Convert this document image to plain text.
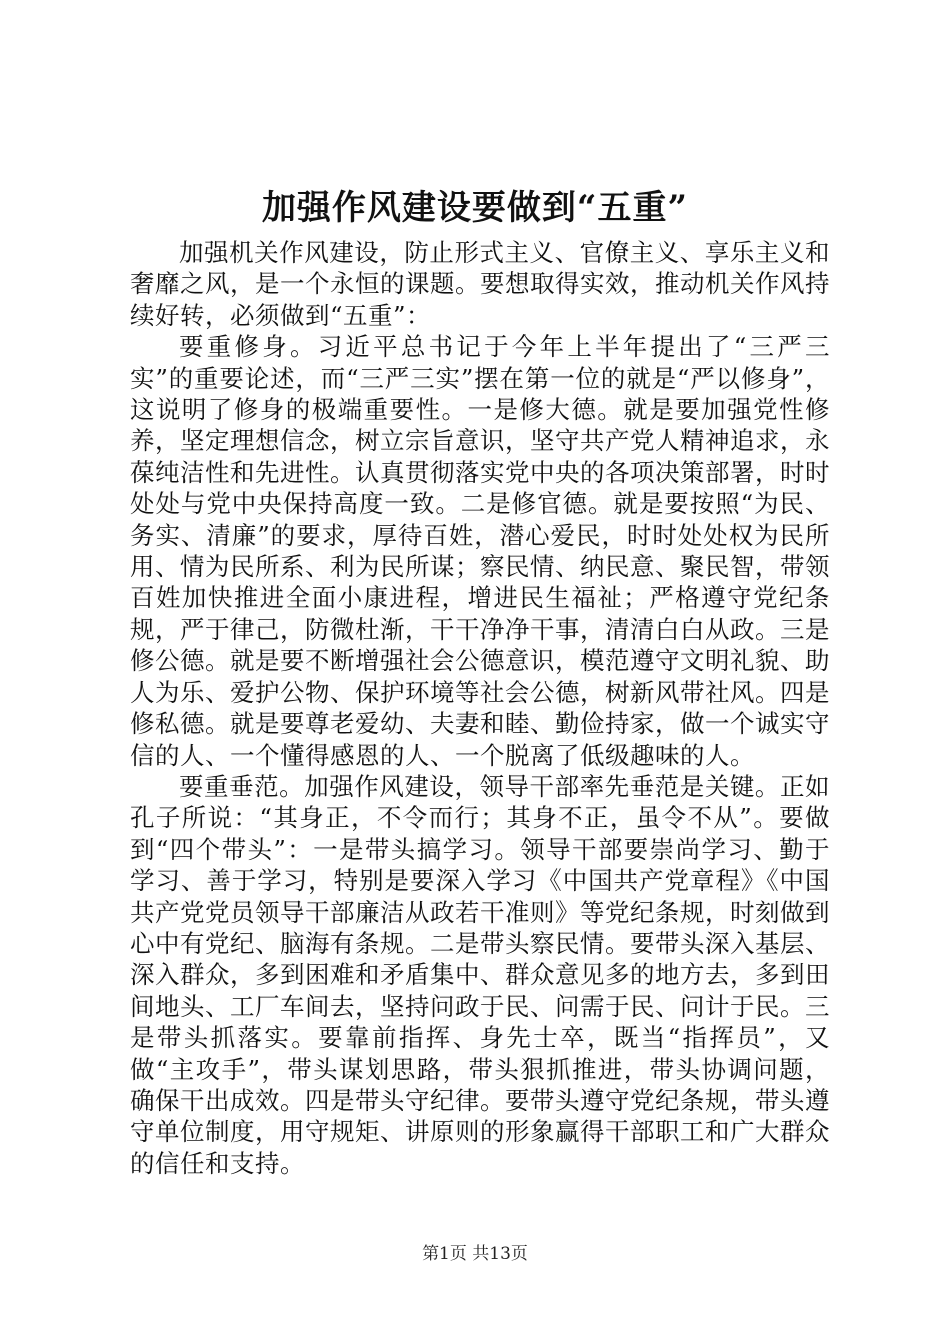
加强作风建设要做到“五重”

加强机关作风建设，防止形式主义、官僚主义、享乐主义和奢靡之风，是一个永恒的课题。要想取得实效，推动机关作风持续好转，必须做到“五重”：

要重修身。习近平总书记于今年上半年提出了“三严三实”的重要论述，而“三严三实”摆在第一位的就是“严以修身”，这说明了修身的极端重要性。一是修大德。就是要加强党性修养，坚定理想信念，树立宗旨意识，坚守共产党人精神追求，永葆纯洁性和先进性。认真贯彻落实党中央的各项决策部署，时时处处与党中央保持高度一致。二是修官德。就是要按照“为民、务实、清廉”的要求，厚待百姓，潜心爱民，时时处处权为民所用、情为民所系、利为民所谋；察民情、纳民意、聚民智，带领百姓加快推进全面小康进程，增进民生福祉；严格遵守党纪条规，严于律己，防微杜渐，干干净净干事，清清白白从政。三是修公德。就是要不断增强社会公德意识，模范遵守文明礼貌、助人为乐、爱护公物、保护环境等社会公德，树新风带社风。四是修私德。就是要尊老爱幼、夫妻和睦、勤俭持家，做一个诚实守信的人、一个懂得感恩的人、一个脱离了低级趣味的人。

要重垂范。加强作风建设，领导干部率先垂范是关键。正如孔子所说：“其身正，不令而行；其身不正，虽令不从”。要做到“四个带头”：一是带头搞学习。领导干部要崇尚学习、勤于学习、善于学习，特别是要深入学习《中国共产党章程》《中国共产党党员领导干部廉洁从政若干准则》等党纪条规，时刻做到心中有党纪、脑海有条规。二是带头察民情。要带头深入基层、深入群众，多到困难和矛盾集中、群众意见多的地方去，多到田间地头、工厂车间去，坚持问政于民、问需于民、问计于民。三是带头抓落实。要靠前指挥、身先士卒，既当“指挥员”，又做“主攻手”，带头谋划思路，带头狠抓推进，带头协调问题，确保干出成效。四是带头守纪律。要带头遵守党纪条规，带头遵守单位制度，用守规矩、讲原则的形象赢得干部职工和广大群众的信任和支持。

第1页 共13页
